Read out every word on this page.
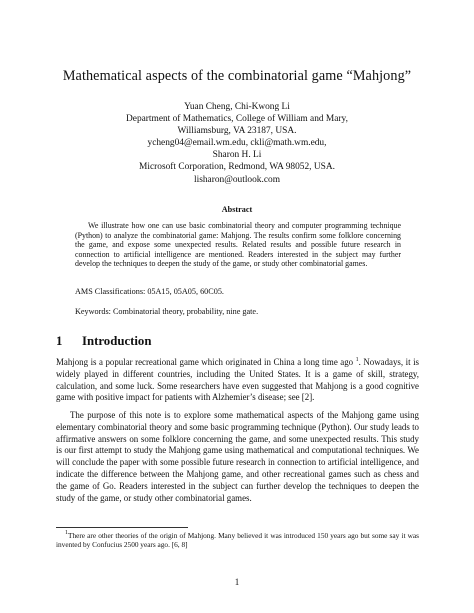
Mathematical aspects of the combinatorial game “Mahjong”
Yuan Cheng, Chi-Kwong Li
Department of Mathematics, College of William and Mary,
Williamsburg, VA 23187, USA.
ycheng04@email.wm.edu, ckli@math.wm.edu,
Sharon H. Li
Microsoft Corporation, Redmond, WA 98052, USA.
lisharon@outlook.com
Abstract

We illustrate how one can use basic combinatorial theory and computer programming technique (Python) to analyze the combinatorial game: Mahjong. The results confirm some folklore concerning the game, and expose some unexpected results. Related results and possible future research in connection to artificial intelligence are mentioned. Readers interested in the subject may further develop the techniques to deepen the study of the game, or study other combinatorial games.

AMS Classifications: 05A15, 05A05, 60C05.
Keywords: Combinatorial theory, probability, nine gate.
1 Introduction

Mahjong is a popular recreational game which originated in China a long time ago $^1$. Nowadays, it is widely played in different countries, including the United States. It is a game of skill, strategy, calculation, and some luck. Some researchers have even suggested that Mahjong is a good cognitive game with positive impact for patients with Alzhemier’s disease; see [2].

The purpose of this note is to explore some mathematical aspects of the Mahjong game using elementary combinatorial theory and some basic programming technique (Python). Our study leads to affirmative answers on some folklore concerning the game, and some unexpected results. This study is our first attempt to study the Mahjong game using mathematical and computational techniques. We will conclude the paper with some possible future research in connection to artificial intelligence, and indicate the difference between the Mahjong game, and other recreational games such as chess and the game of Go. Readers interested in the subject can further develop the techniques to deepen the study of the game, or study other combinatorial games.

$^1$There are other theories of the origin of Mahjong. Many believed it was introduced 150 years ago but some say it was invented by Confucius 2500 years ago. [6, 8]

1
